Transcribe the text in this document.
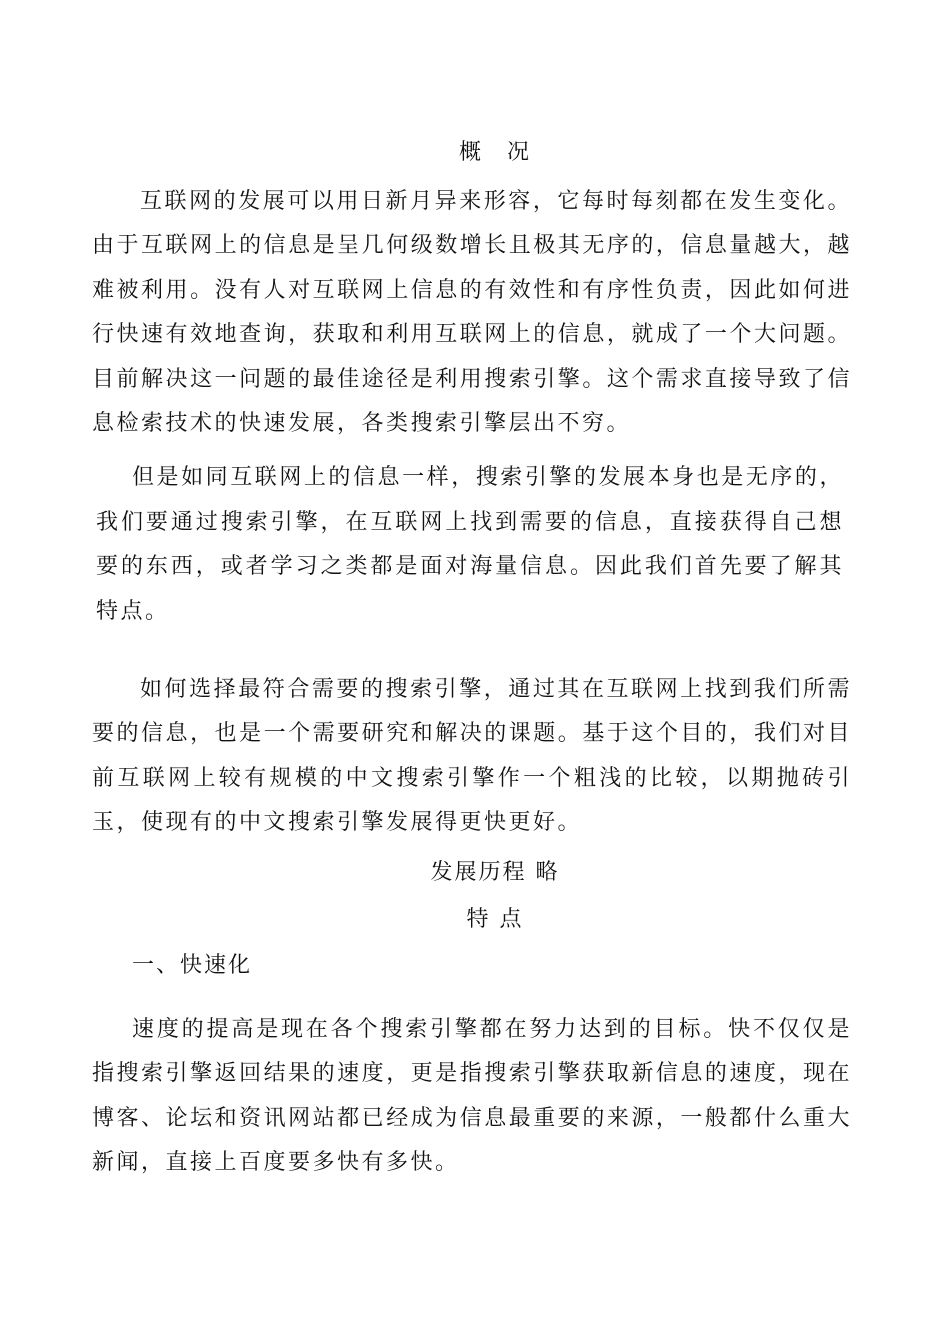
概　况

互联网的发展可以用日新月异来形容，它每时每刻都在发生变化。由于互联网上的信息是呈几何级数增长且极其无序的，信息量越大，越难被利用。没有人对互联网上信息的有效性和有序性负责，因此如何进行快速有效地查询，获取和利用互联网上的信息，就成了一个大问题。目前解决这一问题的最佳途径是利用搜索引擎。这个需求直接导致了信息检索技术的快速发展，各类搜索引擎层出不穷。

但是如同互联网上的信息一样，搜索引擎的发展本身也是无序的，我们要通过搜索引擎，在互联网上找到需要的信息，直接获得自己想要的东西，或者学习之类都是面对海量信息。因此我们首先要了解其特点。

如何选择最符合需要的搜索引擎，通过其在互联网上找到我们所需要的信息，也是一个需要研究和解决的课题。基于这个目的，我们对目前互联网上较有规模的中文搜索引擎作一个粗浅的比较，以期抛砖引玉，使现有的中文搜索引擎发展得更快更好。

发展历程 略
特 点
一、快速化

速度的提高是现在各个搜索引擎都在努力达到的目标。快不仅仅是指搜索引擎返回结果的速度，更是指搜索引擎获取新信息的速度，现在博客、论坛和资讯网站都已经成为信息最重要的来源，一般都什么重大新闻，直接上百度要多快有多快。
